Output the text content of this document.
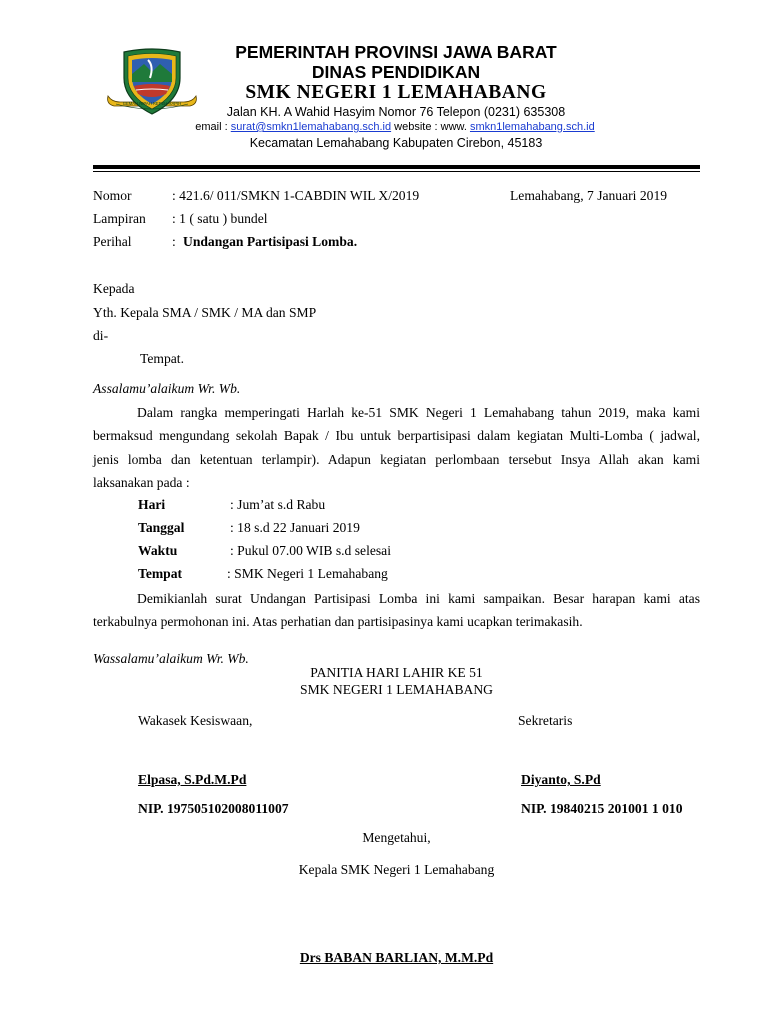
GEMAH RIPAH REPEH RAPIH
PEMERINTAH PROVINSI JAWA BARAT
DINAS PENDIDIKAN
SMK NEGERI 1 LEMAHABANG
Jalan KH. A Wahid Hasyim Nomor 76 Telepon (0231) 635308
email : surat@smkn1lemahabang.sch.id website : www. smkn1lemahabang.sch.id
Kecamatan Lemahabang Kabupaten Cirebon, 45183
Nomor	: 421.6/ 011/SMKN 1-CABDIN WIL X/2019	Lemahabang, 7 Januari 2019
Lampiran : 1 ( satu ) bundel
Perihal	: Undangan Partisipasi Lomba.
Kepada
Yth. Kepala SMA / SMK / MA dan SMP
di-
Tempat.
Assalamu’alaikum Wr. Wb.
Dalam rangka memperingati Harlah ke-51 SMK Negeri 1 Lemahabang tahun 2019, maka kami
bermaksud mengundang sekolah Bapak / Ibu untuk berpartisipasi dalam kegiatan Multi-Lomba ( jadwal,
jenis lomba dan ketentuan terlampir). Adapun kegiatan perlombaan tersebut Insya Allah akan kami
laksanakan pada :
Hari	: Jum’at s.d Rabu
Tanggal	: 18 s.d 22 Januari 2019
Waktu	: Pukul 07.00 WIB s.d selesai
Tempat	: SMK Negeri 1 Lemahabang
Demikianlah surat Undangan Partisipasi Lomba ini kami sampaikan. Besar harapan kami atas
terkabulnya permohonan ini. Atas perhatian dan partisipasinya kami ucapkan terimakasih.
Wassalamu’alaikum Wr. Wb.
PANITIA HARI LAHIR KE 51
SMK NEGERI 1 LEMAHABANG
Wakasek Kesiswaan,	Sekretaris
Elpasa, S.Pd.M.Pd	Diyanto, S.Pd
NIP. 197505102008011007	NIP. 19840215 201001 1 010
Mengetahui,
Kepala SMK Negeri 1 Lemahabang
Drs BABAN BARLIAN, M.M.Pd
